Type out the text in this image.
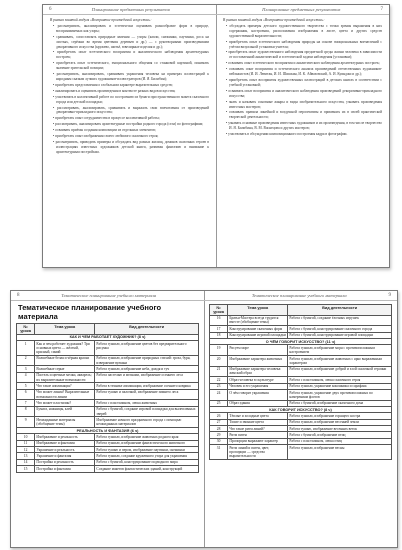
6	Планирование предметных результатов

В рамках занятий модуля «Восприятие произведений искусства»:

• рассматривать, анализировать и эстетически оценивать разнообразие форм в природе, воспринимаемых как узоры;

• сравнивать, сопоставлять природные явления — узоры (капли, снежинки, паутинки, роса на листьях, серёжки во время цветения деревьев и др.) — с рукотворными произведениями декоративного искусства (кружево, шитьё, ювелирные изделия и др.);

• приобретать опыт эстетического восприятия и аналитического наблюдения архитектурных построек;

• приобретать опыт эстетического, эмоционального общения со станковой картиной, понимать значение зрительской позиции;

• рассматривать, анализировать, сравнивать украшения человека на примерах иллюстраций к народным сказкам лучших художников-иллюстраторов (И. Я. Билибин);

• приобретать представления о глобальном характере выразительных средств;

• анализировать и оценивать произведения в контексте разных видов искусства;

• участвовать в коллективной работе по построению из бумаги пространственного макета сказочного города или детской площадки;

• рассматривать, анализировать, сравнивать и выражать свои впечатления от произведений декоративно-прикладного искусства;

• приобретать опыт сотрудничества в процессе коллективной работы;

• рассматривать, анализировать архитектурные постройки родного города (села) по фотографиям;

• осваивать приёмы создания композиции из отдельных элементов;

• приобретать опыт изображения своего любимого сказочного героя;

• рассматривать, приводить примеры и обсуждать вид разных жилищ, домиков сказочных героев в иллюстрациях известных художников детской книги, развивая фантазию и внимание к архитектурным постройкам.

Планирование предметных результатов	7

В рамках занятий модуля «Восприятие произведений искусства»:

• обсуждать примеры детского художественного творчества с точки зрения выражения в них содержания, настроения, расположения изображения в листе, цвета и других средств художественной выразительности;

• приобретать опыт эстетического наблюдения природы на основе эмоциональных впечатлений с учётом визуальной установки учителя;

• приобретать опыт художественного наблюдения предметной среды жизни человека в зависимости от поставленной аналитической и эстетической задачи наблюдения (установки);

• осваивать опыт эстетического восприятия и аналитического наблюдения архитектурных построек;

• осваивать опыт восприятия и эстетического анализа произведений отечественных художников-пейзажистов (И. И. Левитан, И. И. Шишкин, И. К. Айвазовский, А. И. Куинджи и др.);

• приобретать опыт восприятия художественных иллюстраций в детских книгах в соответствии с учебной установкой;

• осваивать опыт восприятия и аналитического наблюдения произведений декоративно-прикладного искусства;

• знать и называть основные жанры и виды изобразительного искусства, узнавать произведения известных мастеров;

• осваивать правила линейной и воздушной перспективы и применять их в своей практической творческой деятельности;

• узнавать основные произведения известных художников и их произведения, в том числе творчество И. Я. Билибина, В. М. Васнецова и других мастеров;

• участвовать в обсуждении композиционного построения кадра в фотографии.

8	Тематическое планирование учебного материала
Тематическое планирование учебного материала
№ урока	Тема урока	Вид деятельности
КАК И ЧЕМ РАБОТАЕТ ХУДОЖНИК? (8 ч)		
1	Как и чем работает художник? Три основных цвета — жёлтый, красный, синий	Работа гуашью, изображение цветов без предварительного рисунка
2	Волшебные белая и чёрная краски	Работа гуашью, изображение природных стихий: гроза, буря, извержение вулкана
3	Волшебные серые	Работа гуашью, изображение неба, дождя и туч
4	Пастель и цветные мелки, акварель; их выразительные возможности	Работа пастелью и мелками, изображение осеннего леса
5	Что такое аппликация?	Работа в технике аппликации, изображение осеннего коврика
6	Что может линия? Выразительные возможности линии	Работа тушью и палочкой, изображение зимнего леса
7	Что может пластилин?	Работа с пластилином, лепка животных
8	Бумага, ножницы, клей	Работа с бумагой, создание игровой площадки для вылепленных зверей
9	Неожиданные материалы (обобщение темы)	Изображение ночного праздничного города с помощью неожиданных материалов
РЕАЛЬНОСТЬ И ФАНТАЗИЯ (6 ч)		
10	Изображение и реальность	Работа гуашью, изображение животных родного края
11	Изображение и фантазия	Работа гуашью, изображение фантастического животного
12	Украшение и реальность	Работа тушью и пером, изображение паутинки, снежинки
13	Украшение и фантазия	Работа гуашью, создание кружевного узора для украшения
14	Постройка и реальность	Работа с бумагой, конструирование подводного мира
15	Постройка и фантазия	Создание макетов фантастических зданий, конструкций
Тематическое планирование учебного материала	9
№ урока	Тема урока	Вид деятельности
16	Братья-Мастера всегда трудятся вместе (обобщение темы)	Работа с бумагой, создание ёлочных игрушек
17	Конструирование сказочных форм	Работа с бумагой, конструирование сказочного города
18	Конструирование игровой площадки	Работа с бумагой, конструирование игровой площадки
О ЧЁМ ГОВОРИТ ИСКУССТВО? (11 ч)		
19	Рисуем море	Работа гуашью, изображение моря с противоположным настроением
20	Изображение характера животных	Работа гуашью, изображение животных с ярко выраженным характером
21	Изображение характера человека: женский образ	Работа гуашью, изображение доброй и злой сказочной героини
22	Образ человека в скульптуре	Работа с пластилином, лепка сказочного героя
23	Человек и его украшения	Работа гуашью, украшение кокошника и сарафана
24	О чём говорят украшения	Работа гуашью, украшение двух противоположных по намерениям флотов
25	Образ здания	Работа с бумагой, изображение сказочного дома
КАК ГОВОРИТ ИСКУССТВО? (8 ч)		
26	Тёплые и холодные цвета	Работа гуашью, изображение горящего костра
27	Тихие и звонкие цвета	Работа гуашью, изображение весенней земли
28	Что такое ритм линий?	Работа тушью, изображение весенних веток
29	Ритм пятен	Работа с бумагой, изображение птиц
30	Пропорции выражают характер	Работа с пластилином, лепка птиц
31	Ритм линий и пятен, цвет, пропорции — средства выразительности	Работа гуашью, изображение весны
